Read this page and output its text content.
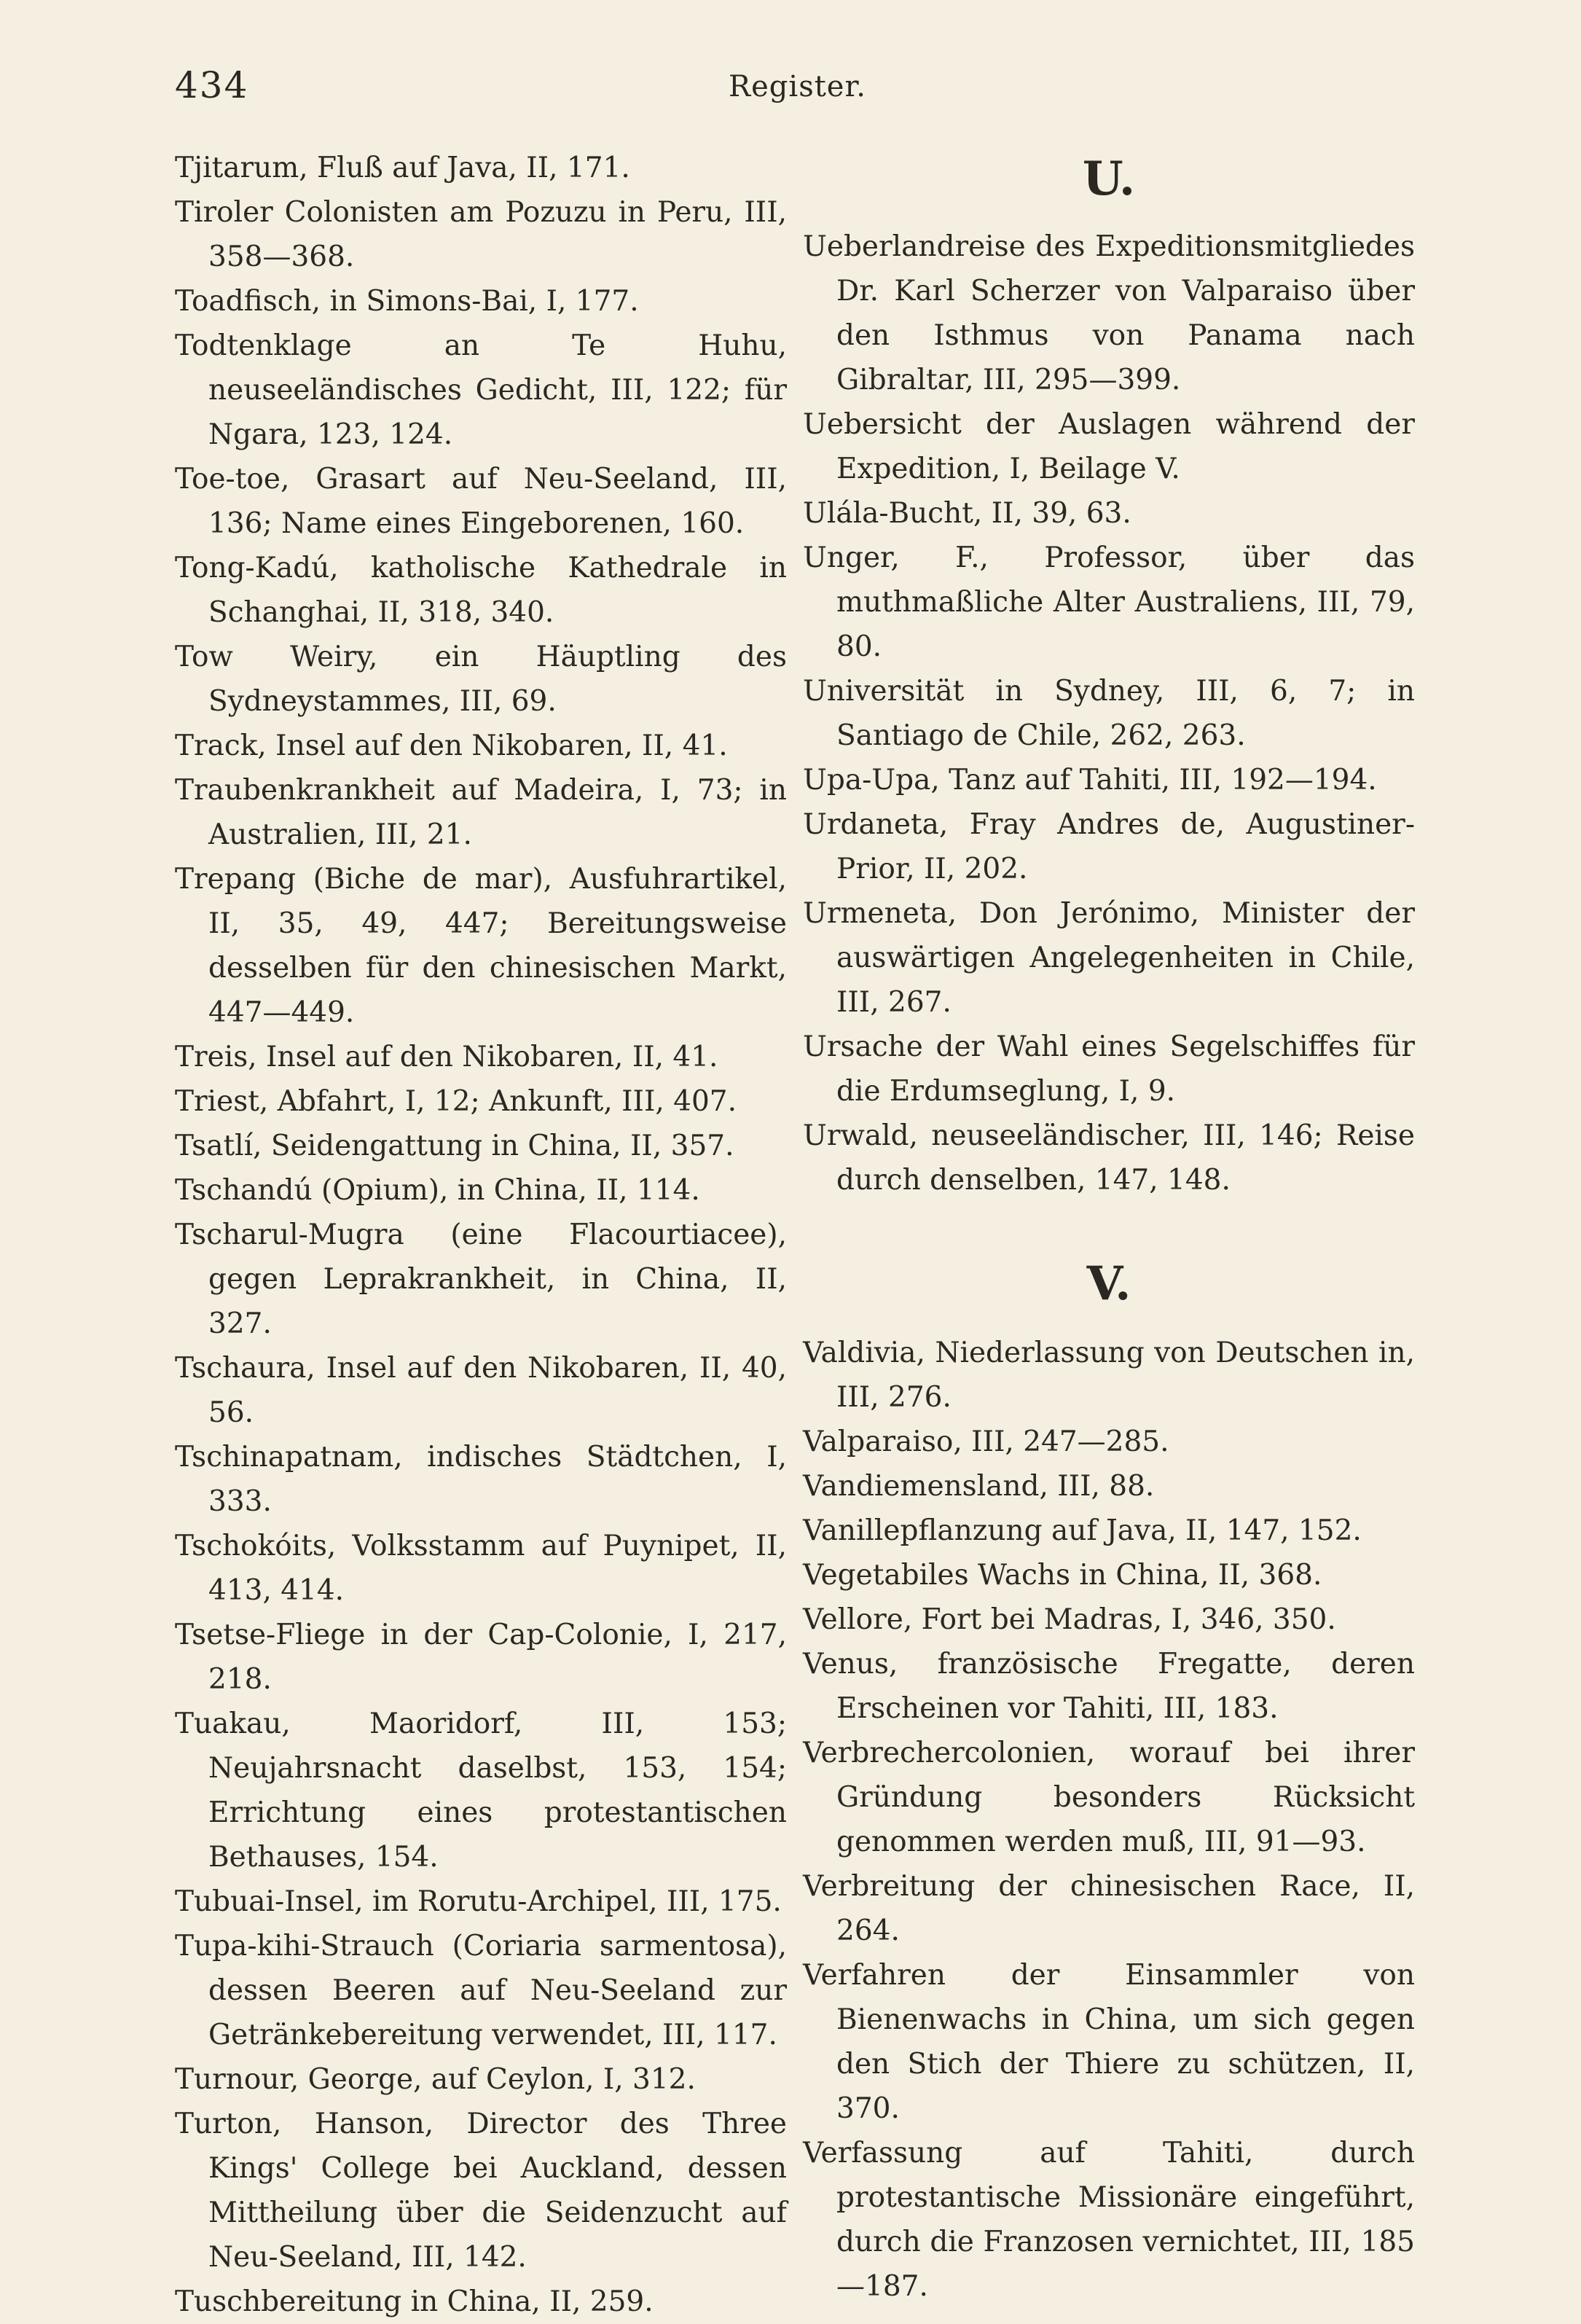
434	Register.

Tjitarum, Fluß auf Java, II, 171.

Tiroler Colonisten am Pozuzu in Peru, III, 358—368.

Toadfisch, in Simons-Bai, I, 177.

Todtenklage an Te Huhu, neuseeländisches Gedicht, III, 122; für Ngara, 123, 124.

Toe-toe, Grasart auf Neu-Seeland, III, 136; Name eines Eingeborenen, 160.

Tong-Kadú, katholische Kathedrale in Schanghai, II, 318, 340.

Tow Weiry, ein Häuptling des Sydneystammes, III, 69.

Track, Insel auf den Nikobaren, II, 41.

Traubenkrankheit auf Madeira, I, 73; in Australien, III, 21.

Trepang (Biche de mar), Ausfuhrartikel, II, 35, 49, 447; Bereitungsweise desselben für den chinesischen Markt, 447—449.

Treis, Insel auf den Nikobaren, II, 41.

Triest, Abfahrt, I, 12; Ankunft, III, 407.

Tsatlí, Seidengattung in China, II, 357.

Tschandú (Opium), in China, II, 114.

Tscharul-Mugra (eine Flacourtiacee), gegen Leprakrankheit, in China, II, 327.

Tschaura, Insel auf den Nikobaren, II, 40, 56.

Tschinapatnam, indisches Städtchen, I, 333.

Tschokóits, Volksstamm auf Puynipet, II, 413, 414.

Tsetse-Fliege in der Cap-Colonie, I, 217, 218.

Tuakau, Maoridorf, III, 153; Neujahrsnacht daselbst, 153, 154; Errichtung eines protestantischen Bethauses, 154.

Tubuai-Insel, im Rorutu-Archipel, III, 175.

Tupa-kihi-Strauch (Coriaria sarmentosa), dessen Beeren auf Neu-Seeland zur Getränkebereitung verwendet, III, 117.

Turnour, George, auf Ceylon, I, 312.

Turton, Hanson, Director des Three Kings' College bei Auckland, dessen Mittheilung über die Seidenzucht auf Neu-Seeland, III, 142.

Tuschbereitung in China, II, 259.

U.

Ueberlandreise des Expeditionsmitgliedes Dr. Karl Scherzer von Valparaiso über den Isthmus von Panama nach Gibraltar, III, 295—399.

Uebersicht der Auslagen während der Expedition, I, Beilage V.

Ulála-Bucht, II, 39, 63.

Unger, F., Professor, über das muthmaßliche Alter Australiens, III, 79, 80.

Universität in Sydney, III, 6, 7; in Santiago de Chile, 262, 263.

Upa-Upa, Tanz auf Tahiti, III, 192—194.

Urdaneta, Fray Andres de, Augustiner-Prior, II, 202.

Urmeneta, Don Jerónimo, Minister der auswärtigen Angelegenheiten in Chile, III, 267.

Ursache der Wahl eines Segelschiffes für die Erdumseglung, I, 9.

Urwald, neuseeländischer, III, 146; Reise durch denselben, 147, 148.

V.

Valdivia, Niederlassung von Deutschen in, III, 276.

Valparaiso, III, 247—285.

Vandiemensland, III, 88.

Vanillepflanzung auf Java, II, 147, 152.

Vegetabiles Wachs in China, II, 368.

Vellore, Fort bei Madras, I, 346, 350.

Venus, französische Fregatte, deren Erscheinen vor Tahiti, III, 183.

Verbrechercolonien, worauf bei ihrer Gründung besonders Rücksicht genommen werden muß, III, 91—93.

Verbreitung der chinesischen Race, II, 264.

Verfahren der Einsammler von Bienenwachs in China, um sich gegen den Stich der Thiere zu schützen, II, 370.

Verfassung auf Tahiti, durch protestantische Missionäre eingeführt, durch die Franzosen vernichtet, III, 185—187.
